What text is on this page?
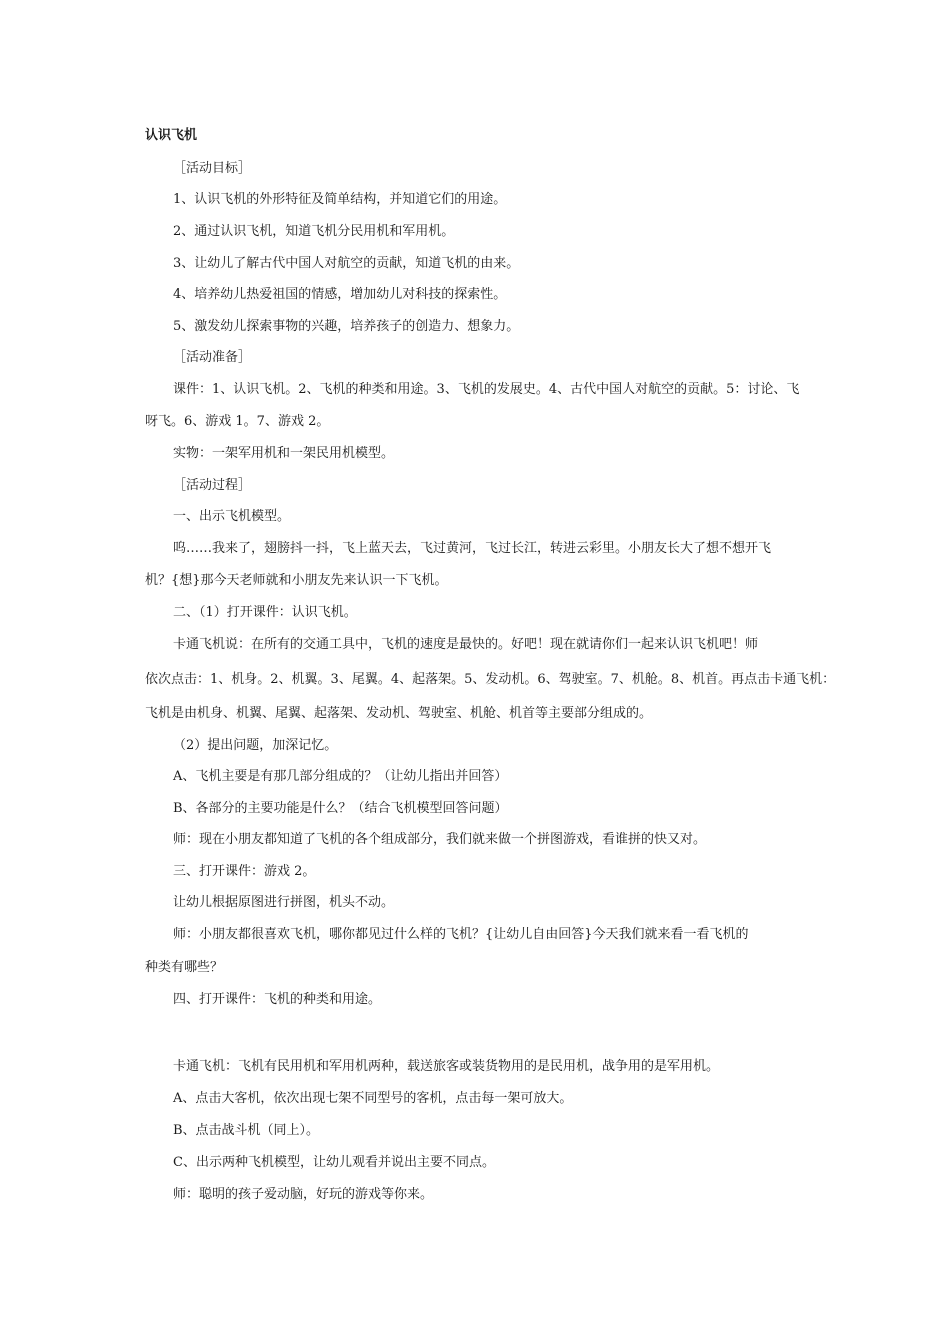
认识飞机
［活动目标］
1、认识飞机的外形特征及简单结构，并知道它们的用途。
2、通过认识飞机，知道飞机分民用机和军用机。
3、让幼儿了解古代中国人对航空的贡献，知道飞机的由来。
4、培养幼儿热爱祖国的情感，增加幼儿对科技的探索性。
5、激发幼儿探索事物的兴趣，培养孩子的创造力、想象力。
［活动准备］
课件：1、认识飞机。2、飞机的种类和用途。3、飞机的发展史。4、古代中国人对航空的贡献。5：讨论、飞
呀飞。6、游戏 1。7、游戏 2。
实物：一架军用机和一架民用机模型。
［活动过程］
一、出示飞机模型。
呜……我来了，翅膀抖一抖，飞上蓝天去，飞过黄河，飞过长江，转进云彩里。小朋友长大了想不想开飞
机？{想}那今天老师就和小朋友先来认识一下飞机。
二、（1）打开课件：认识飞机。
卡通飞机说：在所有的交通工具中，飞机的速度是最快的。好吧！现在就请你们一起来认识飞机吧！师
依次点击：1、机身。2、机翼。3、尾翼。4、起落架。5、发动机。6、驾驶室。7、机舱。8、机首。再点击卡通飞机：
飞机是由机身、机翼、尾翼、起落架、发动机、驾驶室、机舱、机首等主要部分组成的。
（2）提出问题，加深记忆。
A、飞机主要是有那几部分组成的？（让幼儿指出并回答）
B、各部分的主要功能是什么？（结合飞机模型回答问题）
师：现在小朋友都知道了飞机的各个组成部分，我们就来做一个拼图游戏，看谁拼的快又对。
三、打开课件：游戏 2。
让幼儿根据原图进行拼图，机头不动。
师：小朋友都很喜欢飞机，哪你都见过什么样的飞机？{让幼儿自由回答}今天我们就来看一看飞机的
种类有哪些？
四、打开课件：飞机的种类和用途。
卡通飞机：飞机有民用机和军用机两种，载送旅客或装货物用的是民用机，战争用的是军用机。
A、点击大客机，依次出现七架不同型号的客机，点击每一架可放大。
B、点击战斗机（同上）。
C、出示两种飞机模型，让幼儿观看并说出主要不同点。
师：聪明的孩子爱动脑，好玩的游戏等你来。
